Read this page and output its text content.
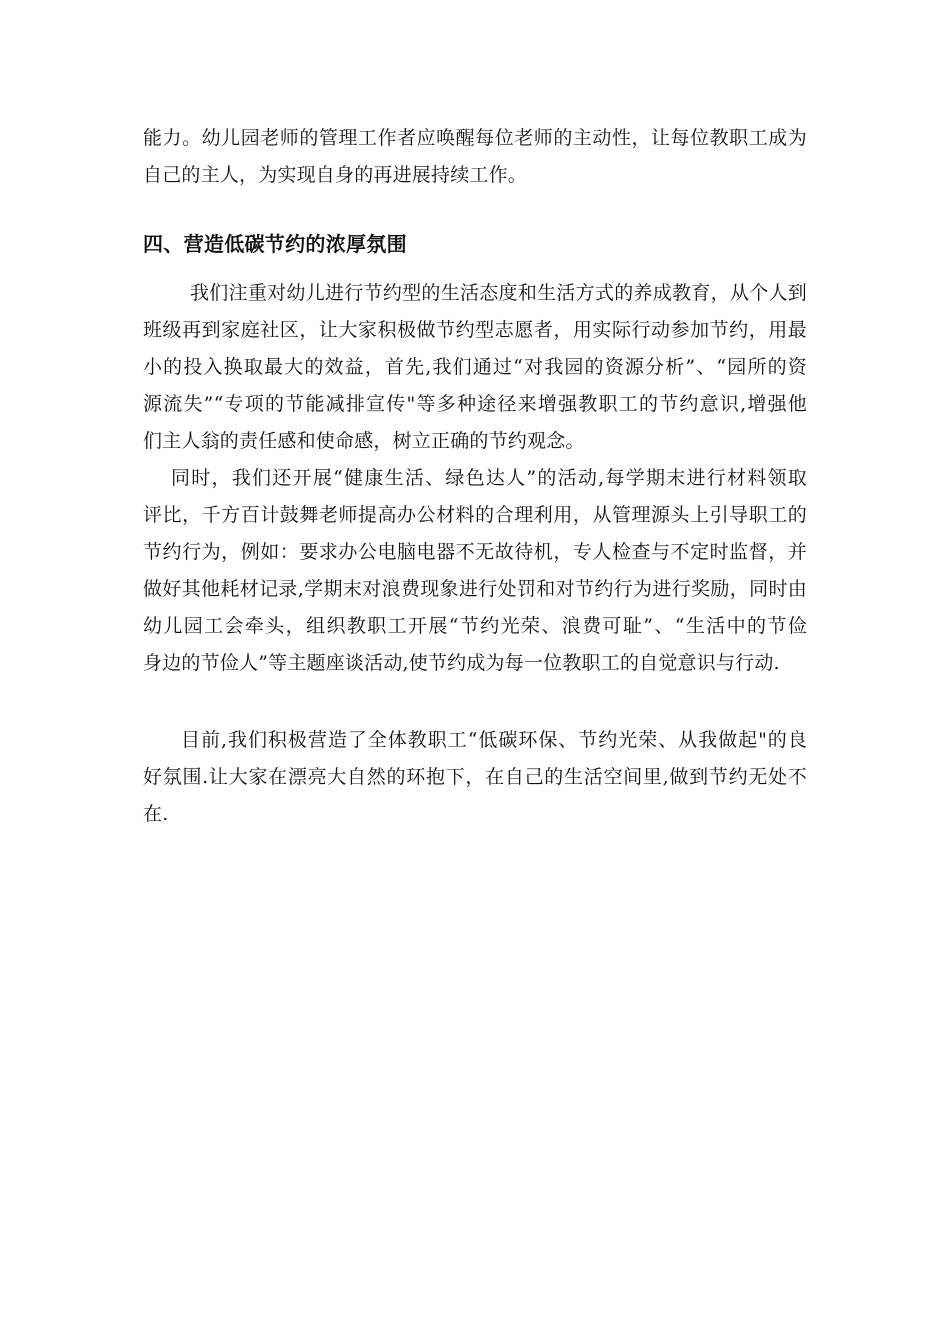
能力。幼儿园老师的管理工作者应唤醒每位老师的主动性，让每位教职工成为
自己的主人，为实现自身的再进展持续工作。
四、营造低碳节约的浓厚氛围
我们注重对幼儿进行节约型的生活态度和生活方式的养成教育，从个人到
班级再到家庭社区，让大家积极做节约型志愿者，用实际行动参加节约，用最
小的投入换取最大的效益，首先,我们通过“对我园的资源分析”、“园所的资
源流失”“专项的节能减排宣传"等多种途径来增强教职工的节约意识,增强他
们主人翁的责任感和使命感，树立正确的节约观念。
同时，我们还开展“健康生活、绿色达人”的活动,每学期末进行材料领取
评比，千方百计鼓舞老师提高办公材料的合理利用，从管理源头上引导职工的
节约行为，例如：要求办公电脑电器不无故待机，专人检查与不定时监督，并
做好其他耗材记录,学期末对浪费现象进行处罚和对节约行为进行奖励，同时由
幼儿园工会牵头，组织教职工开展“节约光荣、浪费可耻”、“生活中的节俭
身边的节俭人”等主题座谈活动,使节约成为每一位教职工的自觉意识与行动.
目前,我们积极营造了全体教职工“低碳环保、节约光荣、从我做起"的良
好氛围.让大家在漂亮大自然的环抱下，在自己的生活空间里,做到节约无处不
在.
